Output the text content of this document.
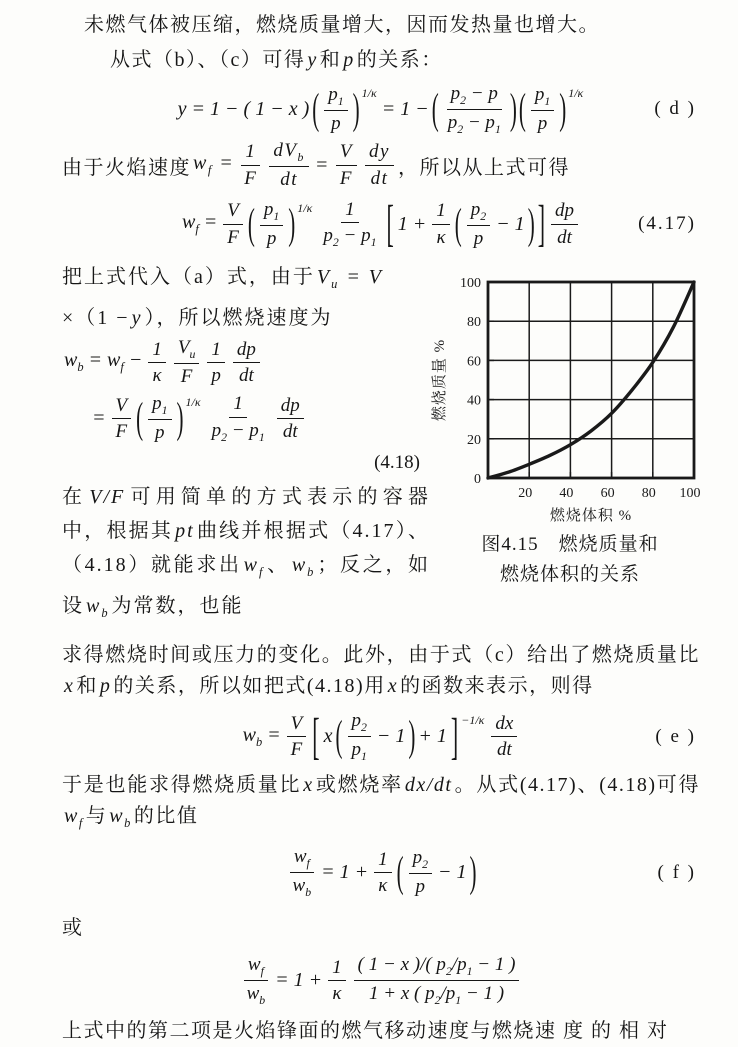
未燃气体被压缩，燃烧质量增大，因而发热量也增大。

从式（b）、（c）可得 y 和 p 的关系：

y = 1 − ( 1 − x ) ( $\frac{p_1}{p}$ ) 1/κ
= 1 − ( $\frac{p_2 - p}{p_2 - p_1}$ ) ( $\frac{p_1}{p}$ ) 1/κ
( d )
由于火焰速度 $w_f = \frac{1}{F} dV_b$
dt
= $\frac{V}{F} \frac{dy}{dt}$ ，所以从上式可得
$w_f = \frac{V}{F}$ ( $\frac{p_1}{p}$ ) $1/\kappa \frac{1}{p_2 - p_1}$ [ $1 + \frac{1}{\kappa}$ ( $\frac{p_2}{p} - 1$ ) ] $\frac{dp}{dt}$	(4.17)

把上式代入（a）式，由于 $V_u = V$

×（1 − y ），所以燃烧速度为

$w_b = w_f - \frac{1}{\kappa} \frac{V_u}{F} \frac{1}{p} \frac{dp}{dt}$
= $\frac{V}{F}$ ( $\frac{p_1}{p}$ ) $1/\kappa \frac{1}{p_2 - p_1} \frac{dp}{dt}$

(4.18)

在 V/F 可用简单的方式表示的容器中，根据其 pt 曲线并根据式（4.17）、（4.18）就能求出 $w_f$ 、 $w_b$ ；反之，如设 $w_b$ 为常数，也能

20 40 60 80 100
0
20
40
60
80
100
燃烧体积 %
燃烧质量 %
图4.15　燃烧质量和
燃烧体积的关系

求得燃烧时间或压力的变化。此外，由于式（c）给出了燃烧质量比x 和 p 的关系，所以如把式(4.18)用 x 的函数来表示，则得

$w_b = \frac{V}{F}$ [ x ( $\frac{p_2}{p_1} - 1$ ) + 1 ] $-1/\kappa \frac{dx}{dt}$	( e )

于是也能求得燃烧质量比 x 或燃烧率 dx/dt 。从式(4.17)、(4.18)可得$w_f$ 与 $w_b$ 的比值

$\frac{w_f}{w_b} = 1 + \frac{1}{\kappa}$ ( $\frac{p_2}{p} - 1$ )	( f )

或

$\frac{w_f}{w_b} = 1 + \frac{1}{\kappa} \frac{( 1 - x )/( p_2/p_1 - 1 )}{1 + x ( p_2/p_1 - 1 )}$

上式中的第二项是火焰锋面的燃气移动速度与燃烧速 度 的 相 对
